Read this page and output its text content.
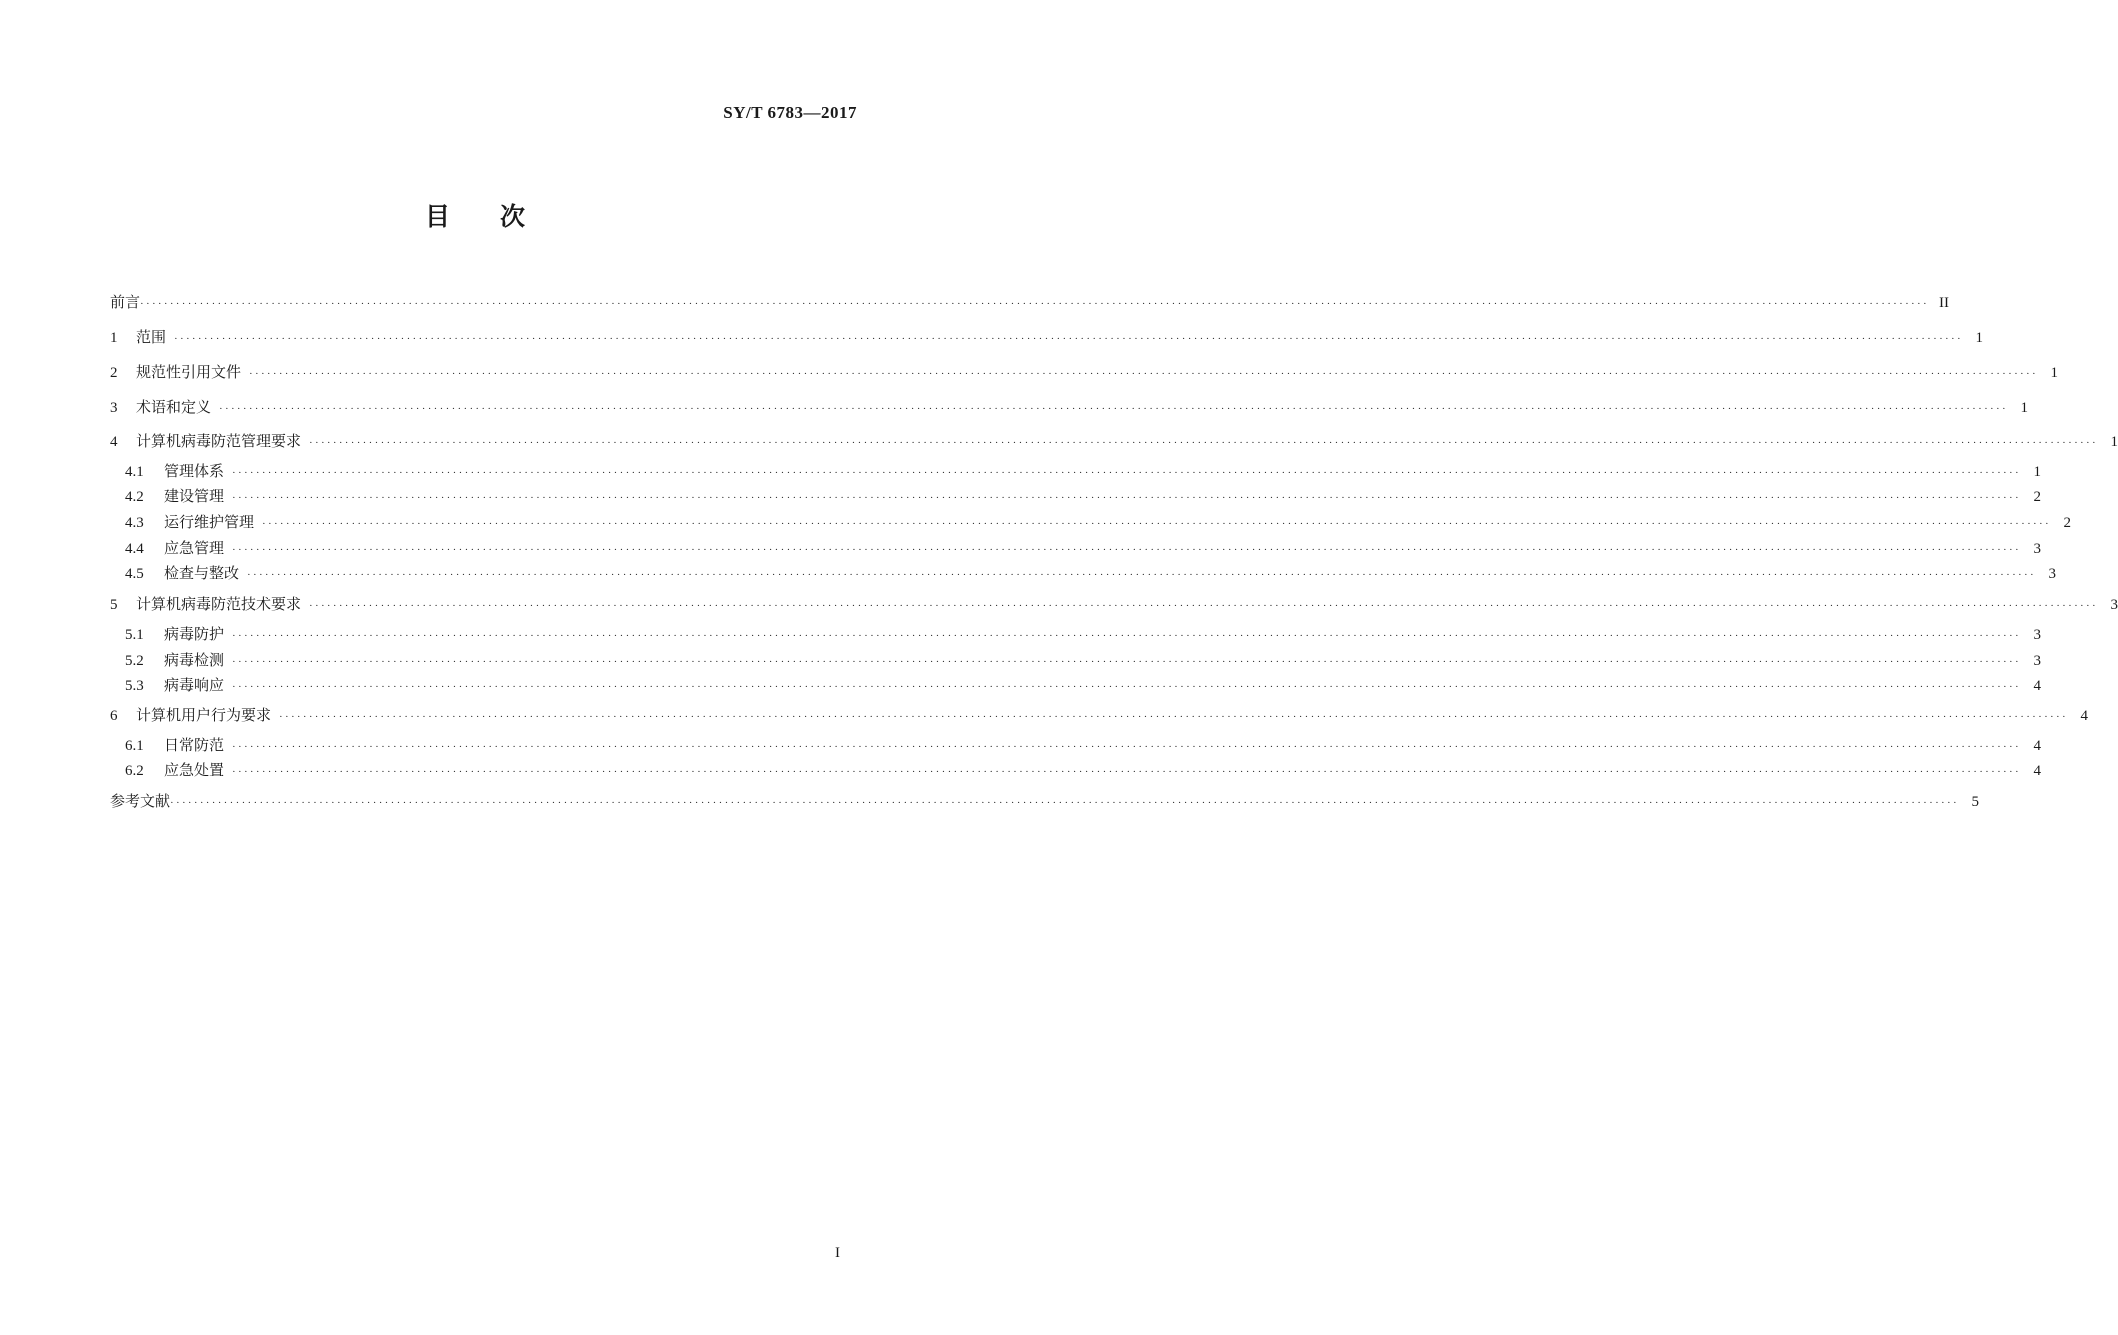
SY/T 6783—2017
目 次
前言 ············································································································································································································································································································ II
1	范围 ············································································································································································································································································································ 1
2	规范性引用文件 ············································································································································································································································································································ 1
3	术语和定义 ············································································································································································································································································································ 1
4	计算机病毒防范管理要求 ············································································································································································································································································································ 1
4.1	管理体系 ············································································································································································································································································································ 1
4.2	建设管理 ············································································································································································································································································································ 2
4.3	运行维护管理 ············································································································································································································································································································ 2
4.4	应急管理 ············································································································································································································································································································ 3
4.5	检查与整改 ············································································································································································································································································································ 3
5	计算机病毒防范技术要求 ············································································································································································································································································································ 3
5.1	病毒防护 ············································································································································································································································································································ 3
5.2	病毒检测 ············································································································································································································································································································ 3
5.3	病毒响应 ············································································································································································································································································································ 4
6	计算机用户行为要求 ············································································································································································································································································································ 4
6.1	日常防范 ············································································································································································································································································································ 4
6.2	应急处置 ············································································································································································································································································································ 4
参考文献 ············································································································································································································································································································ 5
I
